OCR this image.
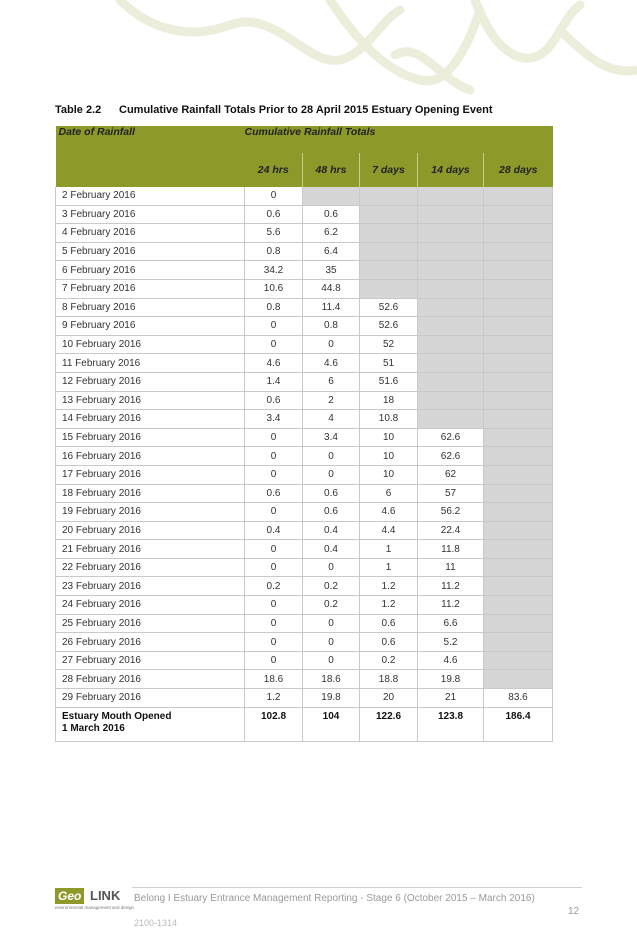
Table 2.2 Cumulative Rainfall Totals Prior to 28 April 2015 Estuary Opening Event
Date of Rainfall	Cumulative Rainfall Totals				
	24 hrs	48 hrs	7 days	14 days	28 days
2 February 2016	0				
3 February 2016	0.6	0.6			
4 February 2016	5.6	6.2			
5 February 2016	0.8	6.4			
6 February 2016	34.2	35			
7 February 2016	10.6	44.8			
8 February 2016	0.8	11.4	52.6		
9 February 2016	0	0.8	52.6		
10 February 2016	0	0	52		
11 February 2016	4.6	4.6	51		
12 February 2016	1.4	6	51.6		
13 February 2016	0.6	2	18		
14 February 2016	3.4	4	10.8		
15 February 2016	0	3.4	10	62.6	
16 February 2016	0	0	10	62.6	
17 February 2016	0	0	10	62	
18 February 2016	0.6	0.6	6	57	
19 February 2016	0	0.6	4.6	56.2	
20 February 2016	0.4	0.4	4.4	22.4	
21 February 2016	0	0.4	1	11.8	
22 February 2016	0	0	1	11	
23 February 2016	0.2	0.2	1.2	11.2	
24 February 2016	0	0.2	1.2	11.2	
25 February 2016	0	0	0.6	6.6	
26 February 2016	0	0	0.6	5.2	
27 February 2016	0	0	0.2	4.6	
28 February 2016	18.6	18.6	18.8	19.8	
29 February 2016	1.2	19.8	20	21	83.6
Estuary Mouth Opened
1 March 2016	102.8	104	122.6	123.8	186.4
Geo LINK
environmental management and design
Belong I Estuary Entrance Management Reporting - Stage 6 (October 2015 – March 2016)
12
2100-1314
